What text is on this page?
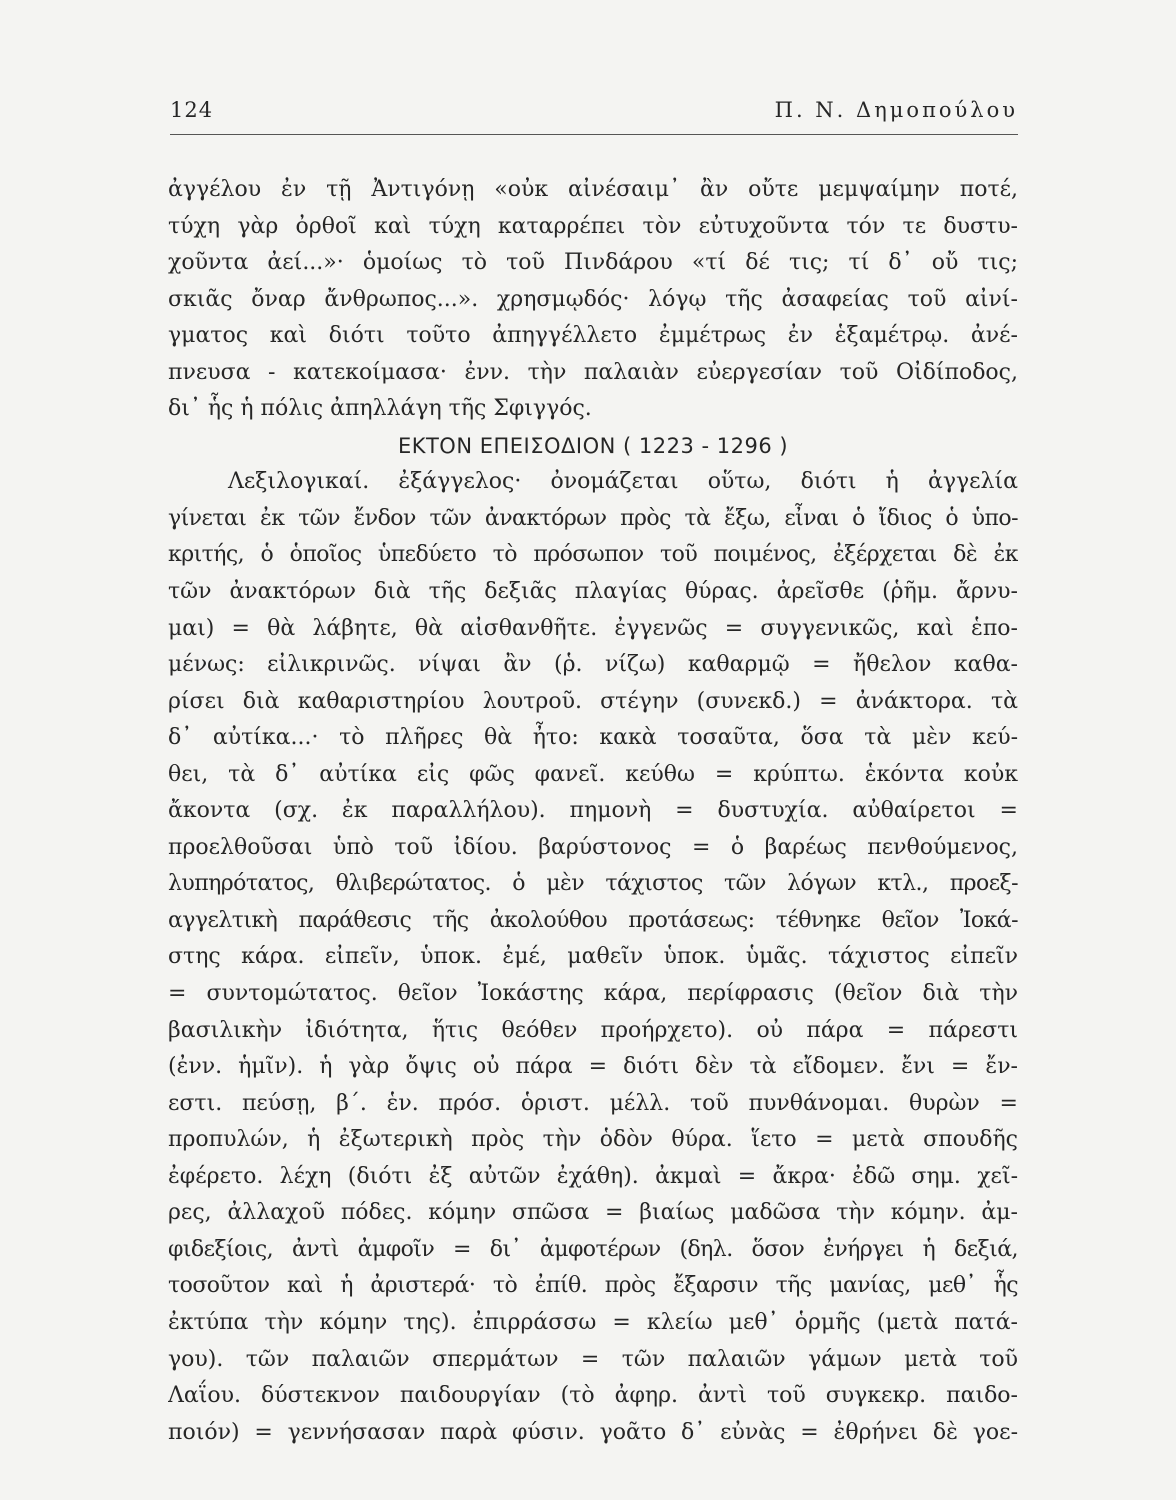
124	Π. Ν. Δημοπούλου
ἀγγέλου ἐν τῇ Ἀντιγόνῃ «οὐκ αἰνέσαιμ᾽ ἂν οὔτε μεμψαίμην ποτέ,
τύχη γὰρ ὀρθοῖ καὶ τύχη καταρρέπει τὸν εὐτυχοῦντα τόν τε δυστυ-
χοῦντα ἀεί...»· ὁμοίως τὸ τοῦ Πινδάρου «τί δέ τις; τί δ᾽ οὔ τις;
σκιᾶς ὄναρ ἄνθρωπος...». χρησμῳδός· λόγῳ τῆς ἀσαφείας τοῦ αἰνί-
γματος καὶ διότι τοῦτο ἀπηγγέλλετο ἐμμέτρως ἐν ἑξαμέτρῳ. ἀνέ-
πνευσα - κατεκοίμασα· ἐνν. τὴν παλαιὰν εὐεργεσίαν τοῦ Οἰδίποδος,
δι᾽ ἧς ἡ πόλις ἀπηλλάγη τῆς Σφιγγός.
ΕΚΤΟΝ ΕΠΕΙΣΟΔΙΟΝ ( 1223 - 1296 )
Λεξιλογικαί. ἐξάγγελος· ὀνομάζεται οὕτω, διότι ἡ ἀγγελία
γίνεται ἐκ τῶν ἔνδον τῶν ἀνακτόρων πρὸς τὰ ἔξω, εἶναι ὁ ἴδιος ὁ ὑπο-
κριτής, ὁ ὁποῖος ὑπεδύετο τὸ πρόσωπον τοῦ ποιμένος, ἐξέρχεται δὲ ἐκ
τῶν ἀνακτόρων διὰ τῆς δεξιᾶς πλαγίας θύρας. ἀρεῖσθε (ῥῆμ. ἄρνυ-
μαι) = θὰ λάβητε, θὰ αἰσθανθῆτε. ἐγγενῶς = συγγενικῶς, καὶ ἑπο-
μένως: εἰλικρινῶς. νίψαι ἂν (ῥ. νίζω) καθαρμῷ = ἤθελον καθα-
ρίσει διὰ καθαριστηρίου λουτροῦ. στέγην (συνεκδ.) = ἀνάκτορα. τὰ
δ᾽ αὐτίκα...· τὸ πλῆρες θὰ ἦτο: κακὰ τοσαῦτα, ὅσα τὰ μὲν κεύ-
θει, τὰ δ᾽ αὐτίκα εἰς φῶς φανεῖ. κεύθω = κρύπτω. ἑκόντα κοὐκ
ἄκοντα (σχ. ἐκ παραλλήλου). πημονὴ = δυστυχία. αὐθαίρετοι =
προελθοῦσαι ὑπὸ τοῦ ἰδίου. βαρύστονος = ὁ βαρέως πενθούμενος,
λυπηρότατος, θλιβερώτατος. ὁ μὲν τάχιστος τῶν λόγων κτλ., προεξ-
αγγελτικὴ παράθεσις τῆς ἀκολούθου προτάσεως: τέθνηκε θεῖον Ἰοκά-
στης κάρα. εἰπεῖν, ὑποκ. ἐμέ, μαθεῖν ὑποκ. ὑμᾶς. τάχιστος εἰπεῖν
= συντομώτατος. θεῖον Ἰοκάστης κάρα, περίφρασις (θεῖον διὰ τὴν
βασιλικὴν ἰδιότητα, ἥτις θεόθεν προήρχετο). οὐ πάρα = πάρεστι
(ἐνν. ἡμῖν). ἡ γὰρ ὄψις οὐ πάρα = διότι δὲν τὰ εἴδομεν. ἔνι = ἔν-
εστι. πεύσῃ, β΄. ἑν. πρόσ. ὁριστ. μέλλ. τοῦ πυνθάνομαι. θυρὼν =
προπυλών, ἡ ἐξωτερικὴ πρὸς τὴν ὁδὸν θύρα. ἵετο = μετὰ σπουδῆς
ἐφέρετο. λέχη (διότι ἐξ αὐτῶν ἐχάθη). ἀκμαὶ = ἄκρα· ἐδῶ σημ. χεῖ-
ρες, ἀλλαχοῦ πόδες. κόμην σπῶσα = βιαίως μαδῶσα τὴν κόμην. ἀμ-
φιδεξίοις, ἀντὶ ἀμφοῖν = δι᾽ ἀμφοτέρων (δηλ. ὅσον ἐνήργει ἡ δεξιά,
τοσοῦτον καὶ ἡ ἀριστερά· τὸ ἐπίθ. πρὸς ἔξαρσιν τῆς μανίας, μεθ᾽ ἧς
ἐκτύπα τὴν κόμην της). ἐπιρράσσω = κλείω μεθ᾽ ὁρμῆς (μετὰ πατά-
γου). τῶν παλαιῶν σπερμάτων = τῶν παλαιῶν γάμων μετὰ τοῦ
Λαΐου. δύστεκνον παιδουργίαν (τὸ ἀφηρ. ἀντὶ τοῦ συγκεκρ. παιδο-
ποιόν) = γεννήσασαν παρὰ φύσιν. γοᾶτο δ᾽ εὐνὰς = ἐθρήνει δὲ γοε-
